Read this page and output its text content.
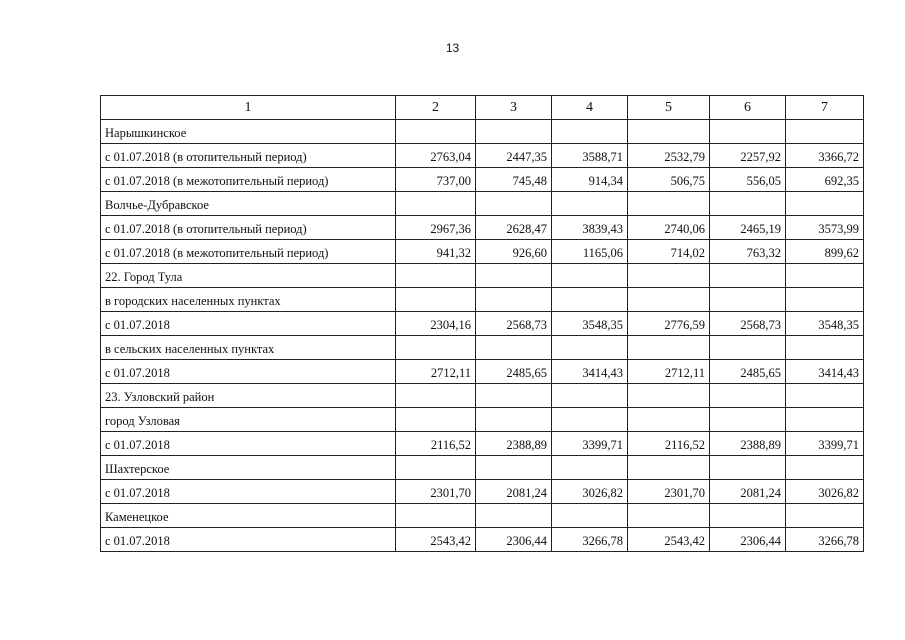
13
1	2	3	4	5	6	7
Нарышкинское						
с 01.07.2018 (в отопительный период)	2763,04	2447,35	3588,71	2532,79	2257,92	3366,72
с 01.07.2018 (в межотопительный период)	737,00	745,48	914,34	506,75	556,05	692,35
Волчье-Дубравское						
с 01.07.2018 (в отопительный период)	2967,36	2628,47	3839,43	2740,06	2465,19	3573,99
с 01.07.2018 (в межотопительный период)	941,32	926,60	1165,06	714,02	763,32	899,62
22. Город Тула						
в городских населенных пунктах						
с 01.07.2018	2304,16	2568,73	3548,35	2776,59	2568,73	3548,35
в сельских населенных пунктах						
с 01.07.2018	2712,11	2485,65	3414,43	2712,11	2485,65	3414,43
23. Узловский район						
город Узловая						
с 01.07.2018	2116,52	2388,89	3399,71	2116,52	2388,89	3399,71
Шахтерское						
с 01.07.2018	2301,70	2081,24	3026,82	2301,70	2081,24	3026,82
Каменецкое						
с 01.07.2018	2543,42	2306,44	3266,78	2543,42	2306,44	3266,78
